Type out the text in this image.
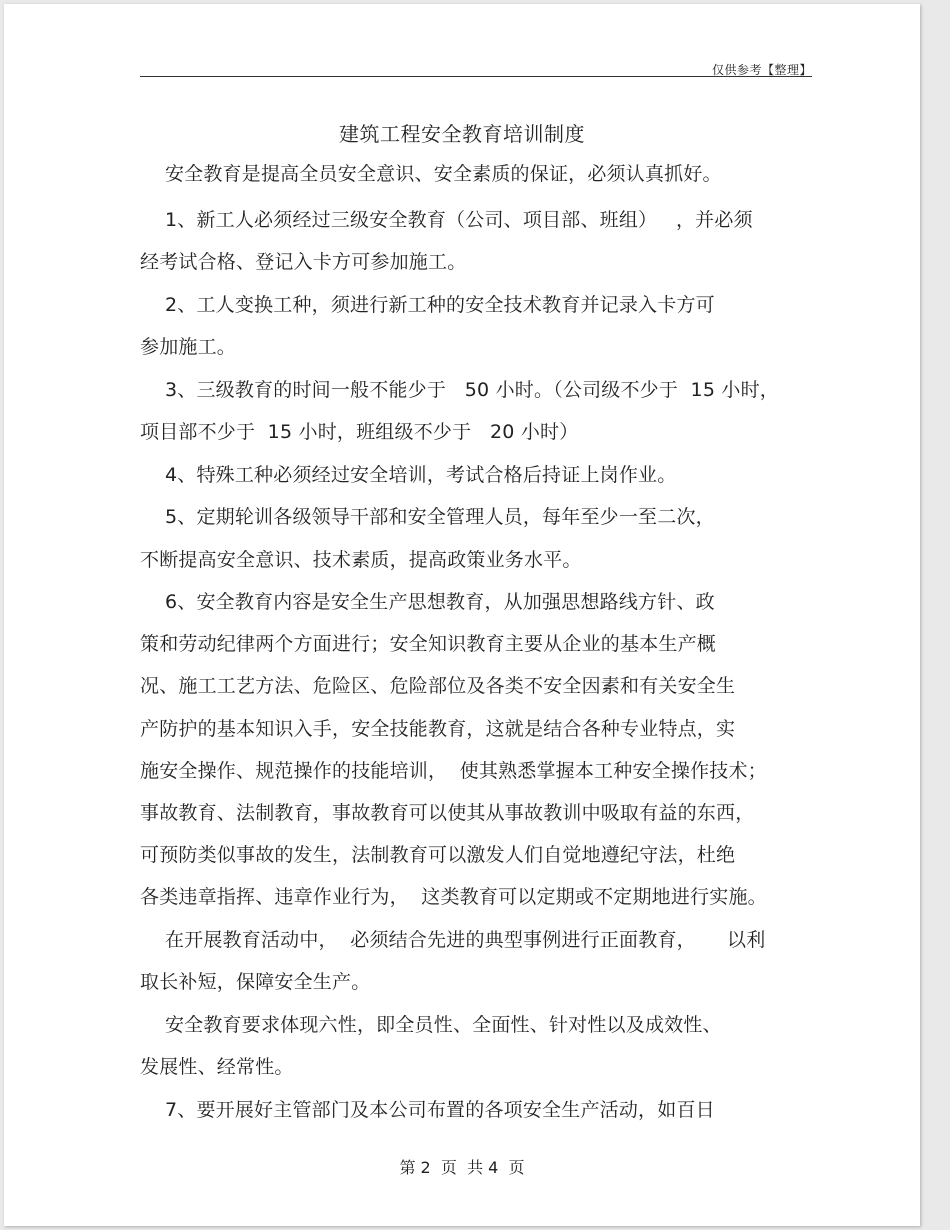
仅供参考【整理】
建筑工程安全教育培训制度
安全教育是提高全员安全意识、安全素质的保证，必须认真抓好。
1、新工人必须经过三级安全教育（公司、项目部、班组）   ，并必须
经考试合格、登记入卡方可参加施工。
2、工人变换工种，须进行新工种的安全技术教育并记录入卡方可
参加施工。
3、三级教育的时间一般不能少于   50 小时。（公司级不少于  15 小时，
项目部不少于  15 小时，班组级不少于   20 小时）
4、特殊工种必须经过安全培训，考试合格后持证上岗作业。
5、定期轮训各级领导干部和安全管理人员，每年至少一至二次，
不断提高安全意识、技术素质，提高政策业务水平。
6、安全教育内容是安全生产思想教育，从加强思想路线方针、政
策和劳动纪律两个方面进行；安全知识教育主要从企业的基本生产概
况、施工工艺方法、危险区、危险部位及各类不安全因素和有关安全生
产防护的基本知识入手，安全技能教育，这就是结合各种专业特点，实
施安全操作、规范操作的技能培训，  使其熟悉掌握本工种安全操作技术；
事故教育、法制教育，事故教育可以使其从事故教训中吸取有益的东西，
可预防类似事故的发生，法制教育可以激发人们自觉地遵纪守法，杜绝
各类违章指挥、违章作业行为，  这类教育可以定期或不定期地进行实施。
在开展教育活动中，  必须结合先进的典型事例进行正面教育，     以利
取长补短，保障安全生产。
安全教育要求体现六性，即全员性、全面性、针对性以及成效性、
发展性、经常性。
7、要开展好主管部门及本公司布置的各项安全生产活动，如百日
第 2  页  共 4  页
